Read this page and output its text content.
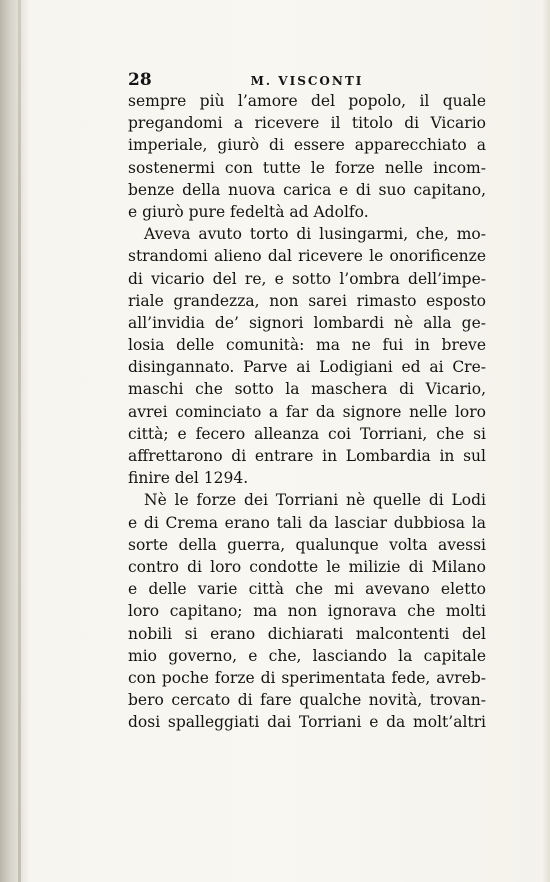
28	M. VISCONTI
sempre più l’amore del popolo, il quale
pregandomi a ricevere il titolo di Vicario
imperiale, giurò di essere apparecchiato a
sostenermi con tutte le forze nelle incom-
benze della nuova carica e di suo capitano,
e giurò pure fedeltà ad Adolfo.
Aveva avuto torto di lusingarmi, che, mo-
strandomi alieno dal ricevere le onorificenze
di vicario del re, e sotto l’ombra dell’impe-
riale grandezza, non sarei rimasto esposto
all’invidia de’ signori lombardi nè alla ge-
losia delle comunità: ma ne fui in breve
disingannato. Parve ai Lodigiani ed ai Cre-
maschi che sotto la maschera di Vicario,
avrei cominciato a far da signore nelle loro
città; e fecero alleanza coi Torriani, che si
affrettarono di entrare in Lombardia in sul
finire del 1294.
Nè le forze dei Torriani nè quelle di Lodi
e di Crema erano tali da lasciar dubbiosa la
sorte della guerra, qualunque volta avessi
contro di loro condotte le milizie di Milano
e delle varie città che mi avevano eletto
loro capitano; ma non ignorava che molti
nobili si erano dichiarati malcontenti del
mio governo, e che, lasciando la capitale
con poche forze di sperimentata fede, avreb-
bero cercato di fare qualche novità, trovan-
dosi spalleggiati dai Torriani e da molt’altri
